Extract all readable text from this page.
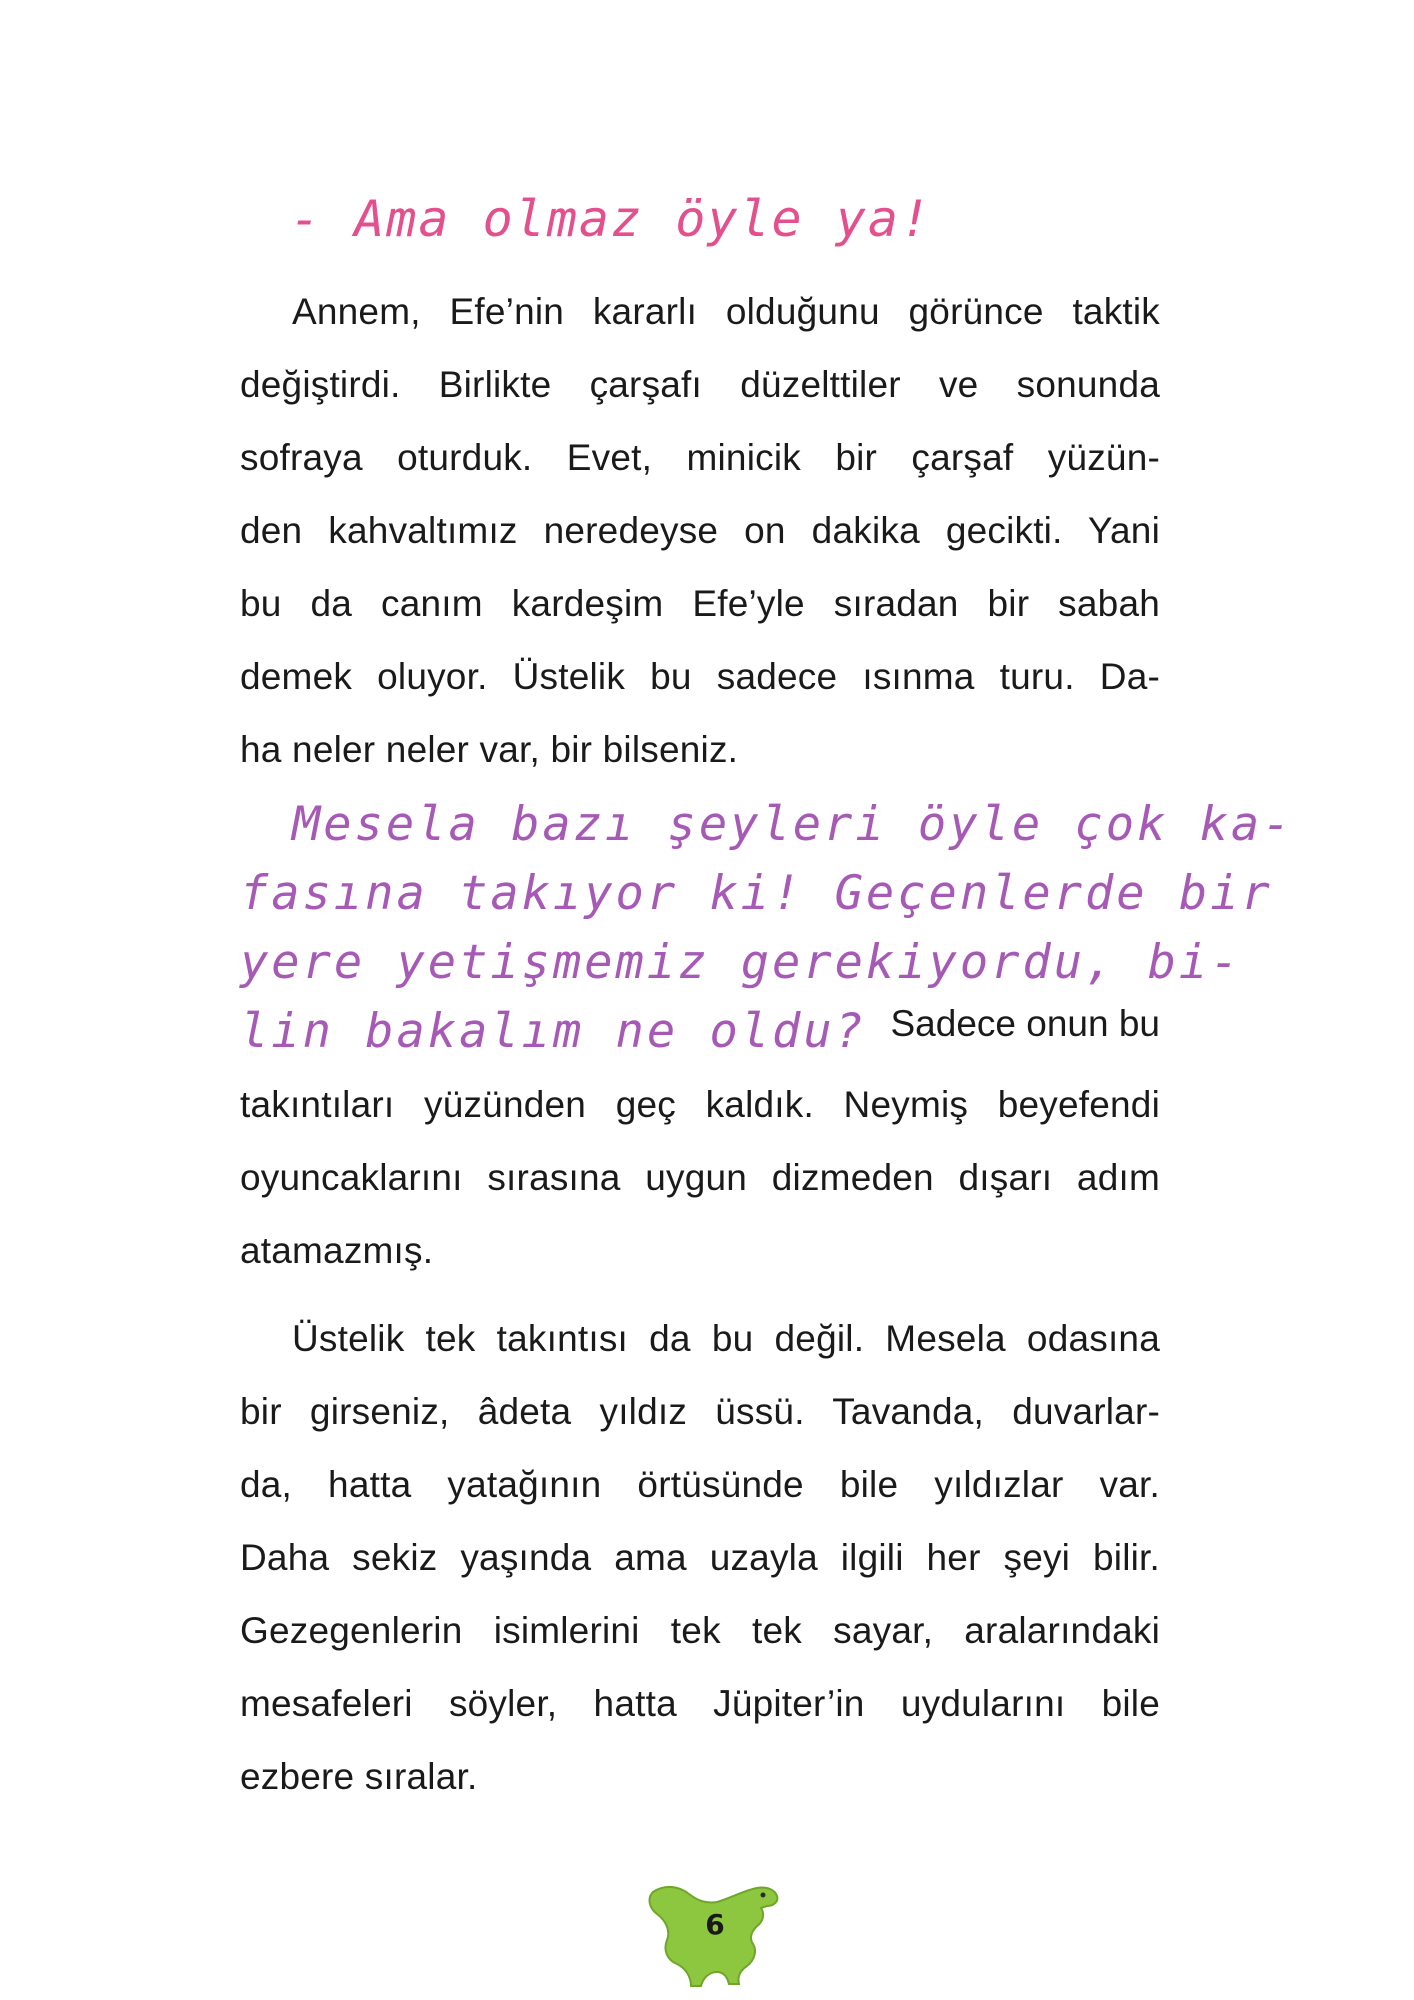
- Ama olmaz öyle ya!

Annem, Efe’nin kararlı olduğunu görünce taktik
değiştirdi. Birlikte çarşafı düzelttiler ve sonunda
sofraya oturduk. Evet, minicik bir çarşaf yüzün-
den kahvaltımız neredeyse on dakika gecikti. Yani
bu da canım kardeşim Efe’yle sıradan bir sabah
demek oluyor. Üstelik bu sadece ısınma turu. Da-
ha neler neler var, bir bilseniz.
Mesela bazı şeyleri öyle çok ka-
fasına takıyor ki! Geçenlerde bir
yere yetişmemiz gerekiyordu, bi-
lin bakalım ne oldu? Sadece onun bu
takıntıları yüzünden geç kaldık. Neymiş beyefendi
oyuncaklarını sırasına uygun dizmeden dışarı adım
atamazmış.
Üstelik tek takıntısı da bu değil. Mesela odasına
bir girseniz, âdeta yıldız üssü. Tavanda, duvarlar-
da, hatta yatağının örtüsünde bile yıldızlar var.
Daha sekiz yaşında ama uzayla ilgili her şeyi bilir.
Gezegenlerin isimlerini tek tek sayar, aralarındaki
mesafeleri söyler, hatta Jüpiter’in uydularını bile
ezbere sıralar.
6
